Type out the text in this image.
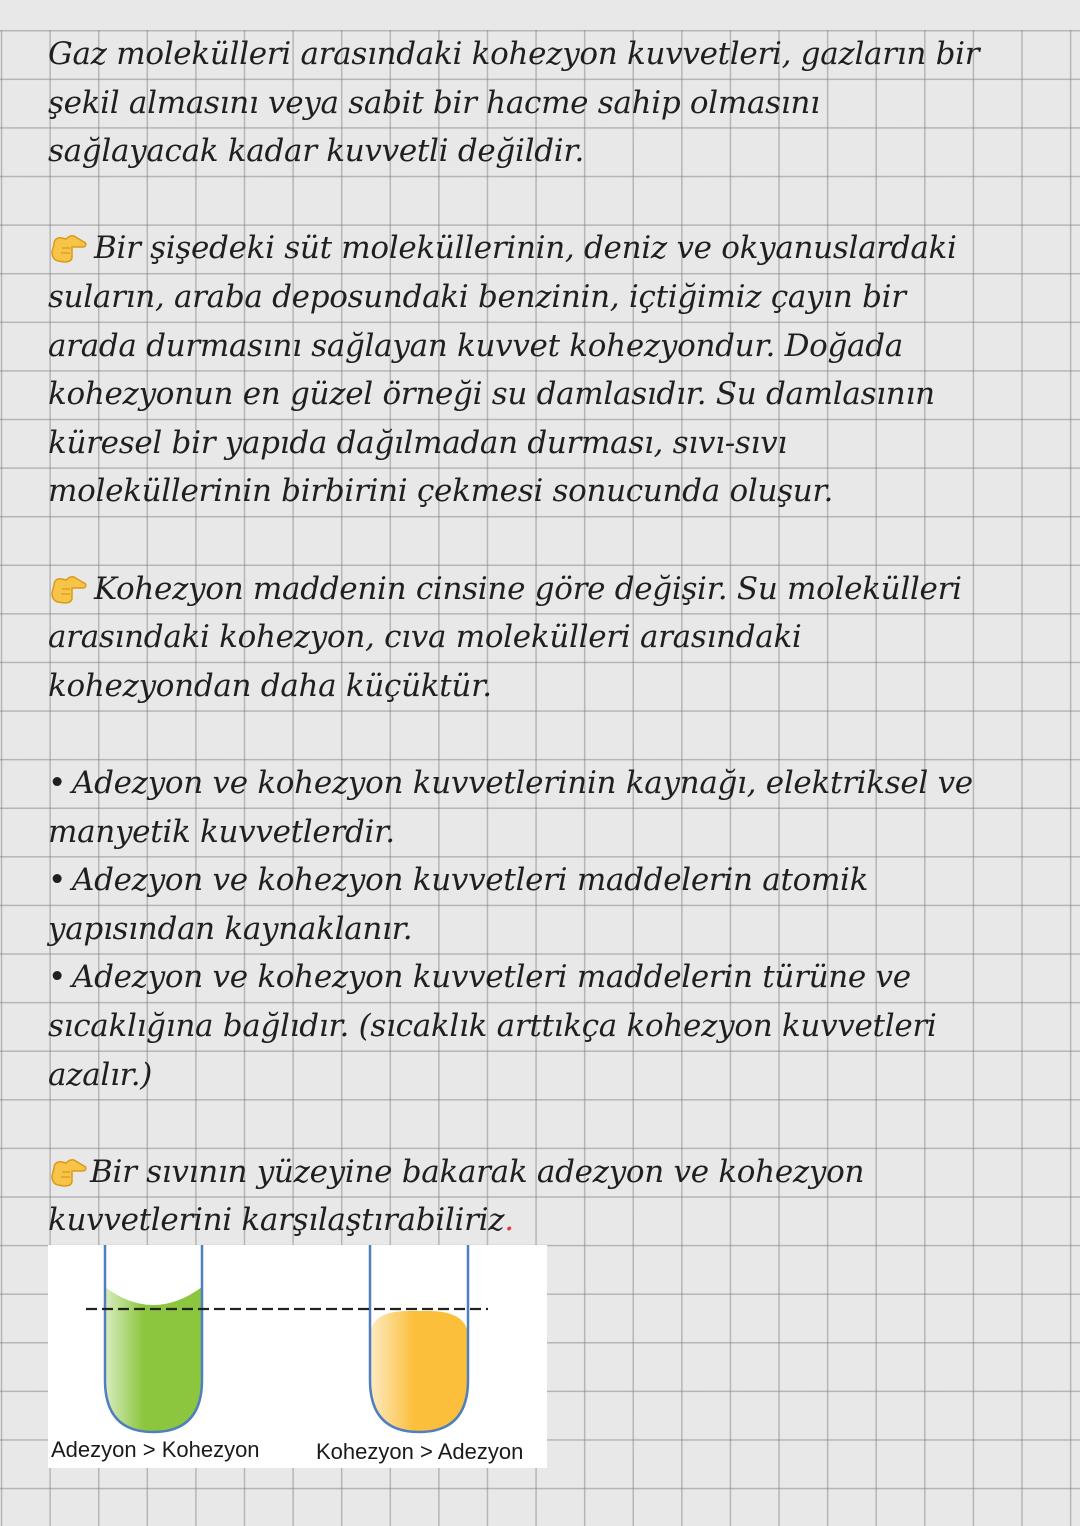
Gaz molekülleri arasındaki kohezyon kuvvetleri, gazların bir
şekil almasını veya sabit bir hacme sahip olmasını
sağlayacak kadar kuvvetli değildir.
Bir şişedeki süt moleküllerinin, deniz ve okyanuslardaki
suların, araba deposundaki benzinin, içtiğimiz çayın bir
arada durmasını sağlayan kuvvet kohezyondur. Doğada
kohezyonun en güzel örneği su damlasıdır. Su damlasının
küresel bir yapıda dağılmadan durması, sıvı-sıvı
moleküllerinin birbirini çekmesi sonucunda oluşur.
Kohezyon maddenin cinsine göre değişir. Su molekülleri
arasındaki kohezyon, cıva molekülleri arasındaki
kohezyondan daha küçüktür.
• Adezyon ve kohezyon kuvvetlerinin kaynağı, elektriksel ve
manyetik kuvvetlerdir.
• Adezyon ve kohezyon kuvvetleri maddelerin atomik
yapısından kaynaklanır.
• Adezyon ve kohezyon kuvvetleri maddelerin türüne ve
sıcaklığına bağlıdır. (sıcaklık arttıkça kohezyon kuvvetleri
azalır.)
Bir sıvının yüzeyine bakarak adezyon ve kohezyon
kuvvetlerini karşılaştırabiliriz.
Adezyon > Kohezyon	Kohezyon > Adezyon
